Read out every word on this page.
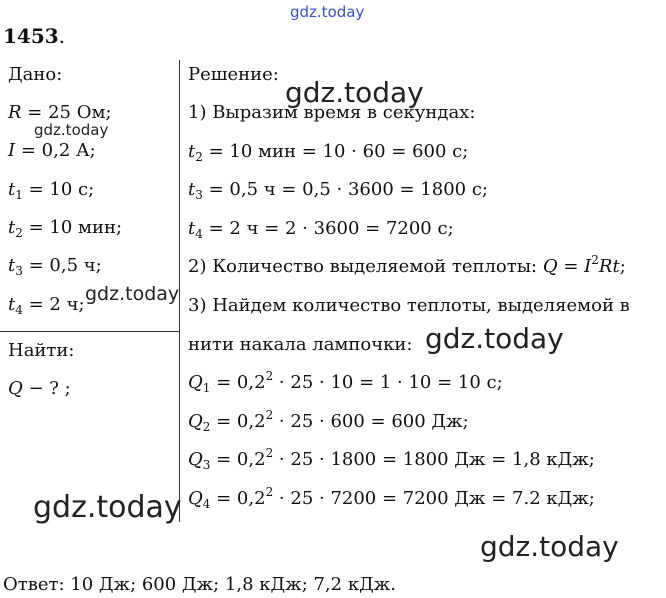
gdz.today
1453.
Дано:
R = 25 Ом;
I = 0,2 А;
$t_1 = 10$ с;
$t_2 = 10$ мин;
$t_3 = 0,5$ ч;
$t_4 = 2$ ч;
Найти:
Q − ? ;
Решение:
1) Выразим время в секундах:
$t_2 = 10$ мин = 10 · 60 = 600 с;
$t_3 = 0,5$ ч = 0,5 · 3600 = 1800 с;
$t_4 = 2$ ч = 2 · 3600 = 7200 с;
2) Количество выделяемой теплоты: $Q = I^2Rt$;
3) Найдем количество теплоты, выделяемой в
нити накала лампочки:
$Q_1 = 0,2^2 \cdot 25 \cdot 10 = 1 \cdot 10 = 10$ с;
$Q_2 = 0,2^2 \cdot 25 \cdot 600 = 600$ Дж;
$Q_3 = 0,2^2 \cdot 25 \cdot 1800 = 1800$ Дж = 1,8 кДж;
$Q_4 = 0,2^2 \cdot 25 \cdot 7200 = 7200$ Дж = 7.2 кДж;
Ответ: 10 Дж; 600 Дж; 1,8 кДж; 7,2 кДж.
gdz.today
gdz.today
gdz.today
gdz.today
gdz.today
gdz.today
